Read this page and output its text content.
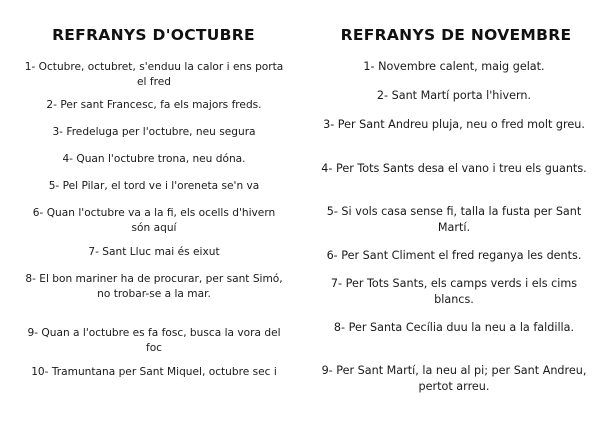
REFRANYS D'OCTUBRE
1- Octubre, octubret, s'enduu la calor i ens porta el fred
2- Per sant Francesc, fa els majors freds.
3- Fredeluga per l'octubre, neu segura
4- Quan l'octubre trona, neu dóna.
5- Pel Pilar, el tord ve i l'oreneta se'n va
6- Quan l'octubre va a la fi, els ocells d'hivern són aquí
7- Sant Lluc mai és eixut
8- El bon mariner ha de procurar, per sant Simó, no trobar-se a la mar.
9- Quan a l'octubre es fa fosc, busca la vora del foc
10- Tramuntana per Sant Miquel, octubre sec i
REFRANYS DE NOVEMBRE
1- Novembre calent, maig gelat.
2- Sant Martí porta l'hivern.
3- Per Sant Andreu pluja, neu o fred molt greu.
4- Per Tots Sants desa el vano i treu els guants.
5- Si vols casa sense fi, talla la fusta per Sant Martí.
6- Per Sant Climent el fred reganya les dents.
7- Per Tots Sants, els camps verds i els cims blancs.
8- Per Santa Cecília duu la neu a la faldilla.
9- Per Sant Martí, la neu al pi; per Sant Andreu, pertot arreu.
